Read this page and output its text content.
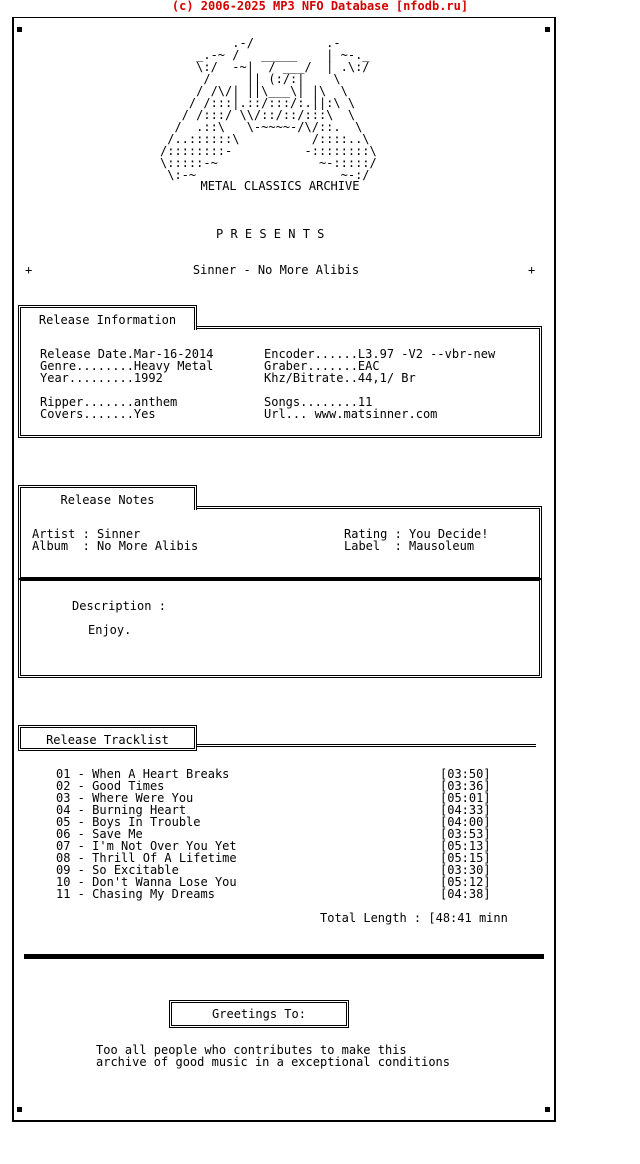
(c) 2006-2025 MP3 NFO Database [nfodb.ru]
.-/          .-
_.-~ /   _____    | ~-._
\:/  -~|  / ___/  | .\:/
/     || (:/:|    \
/ /\/| ||\___\| |\  \
/ /:::|.::/:::/:.||:\ \
/ /:::/ \\/::/::/:::\  \
/  .::\   \-~~~~-/\/::.  \
/..::::::\          /::::..\
/::::::::-          -::::::::\
\:::::-~              ~-:::::/
\:-~                    ~-:/
METAL CLASSICS ARCHIVE
P R E S E N T S
+	Sinner - No More Alibis	+
Release Information
Release Date.Mar-16-2014
Genre........Heavy Metal
Year.........1992
Ripper.......anthem
Covers.......Yes
Encoder......L3.97 -V2 --vbr-new
Graber.......EAC
Khz/Bitrate..44,1/ Br
Songs........11
Url... www.matsinner.com
Release Notes
Artist : Sinner
Album  : No More Alibis
Rating : You Decide!
Label  : Mausoleum
Description :
Enjoy.
Release Tracklist
01 - When A Heart Breaks	[03:50]
02 - Good Times	[03:36]
03 - Where Were You	[05:01]
04 - Burning Heart	[04:33]
05 - Boys In Trouble	[04:00]
06 - Save Me	[03:53]
07 - I'm Not Over You Yet	[05:13]
08 - Thrill Of A Lifetime	[05:15]
09 - So Excitable	[03:30]
10 - Don't Wanna Lose You	[05:12]
11 - Chasing My Dreams	[04:38]
Total Length : [48:41 minn
Greetings To:
Too all people who contributes to make this
archive of good music in a exceptional conditions
